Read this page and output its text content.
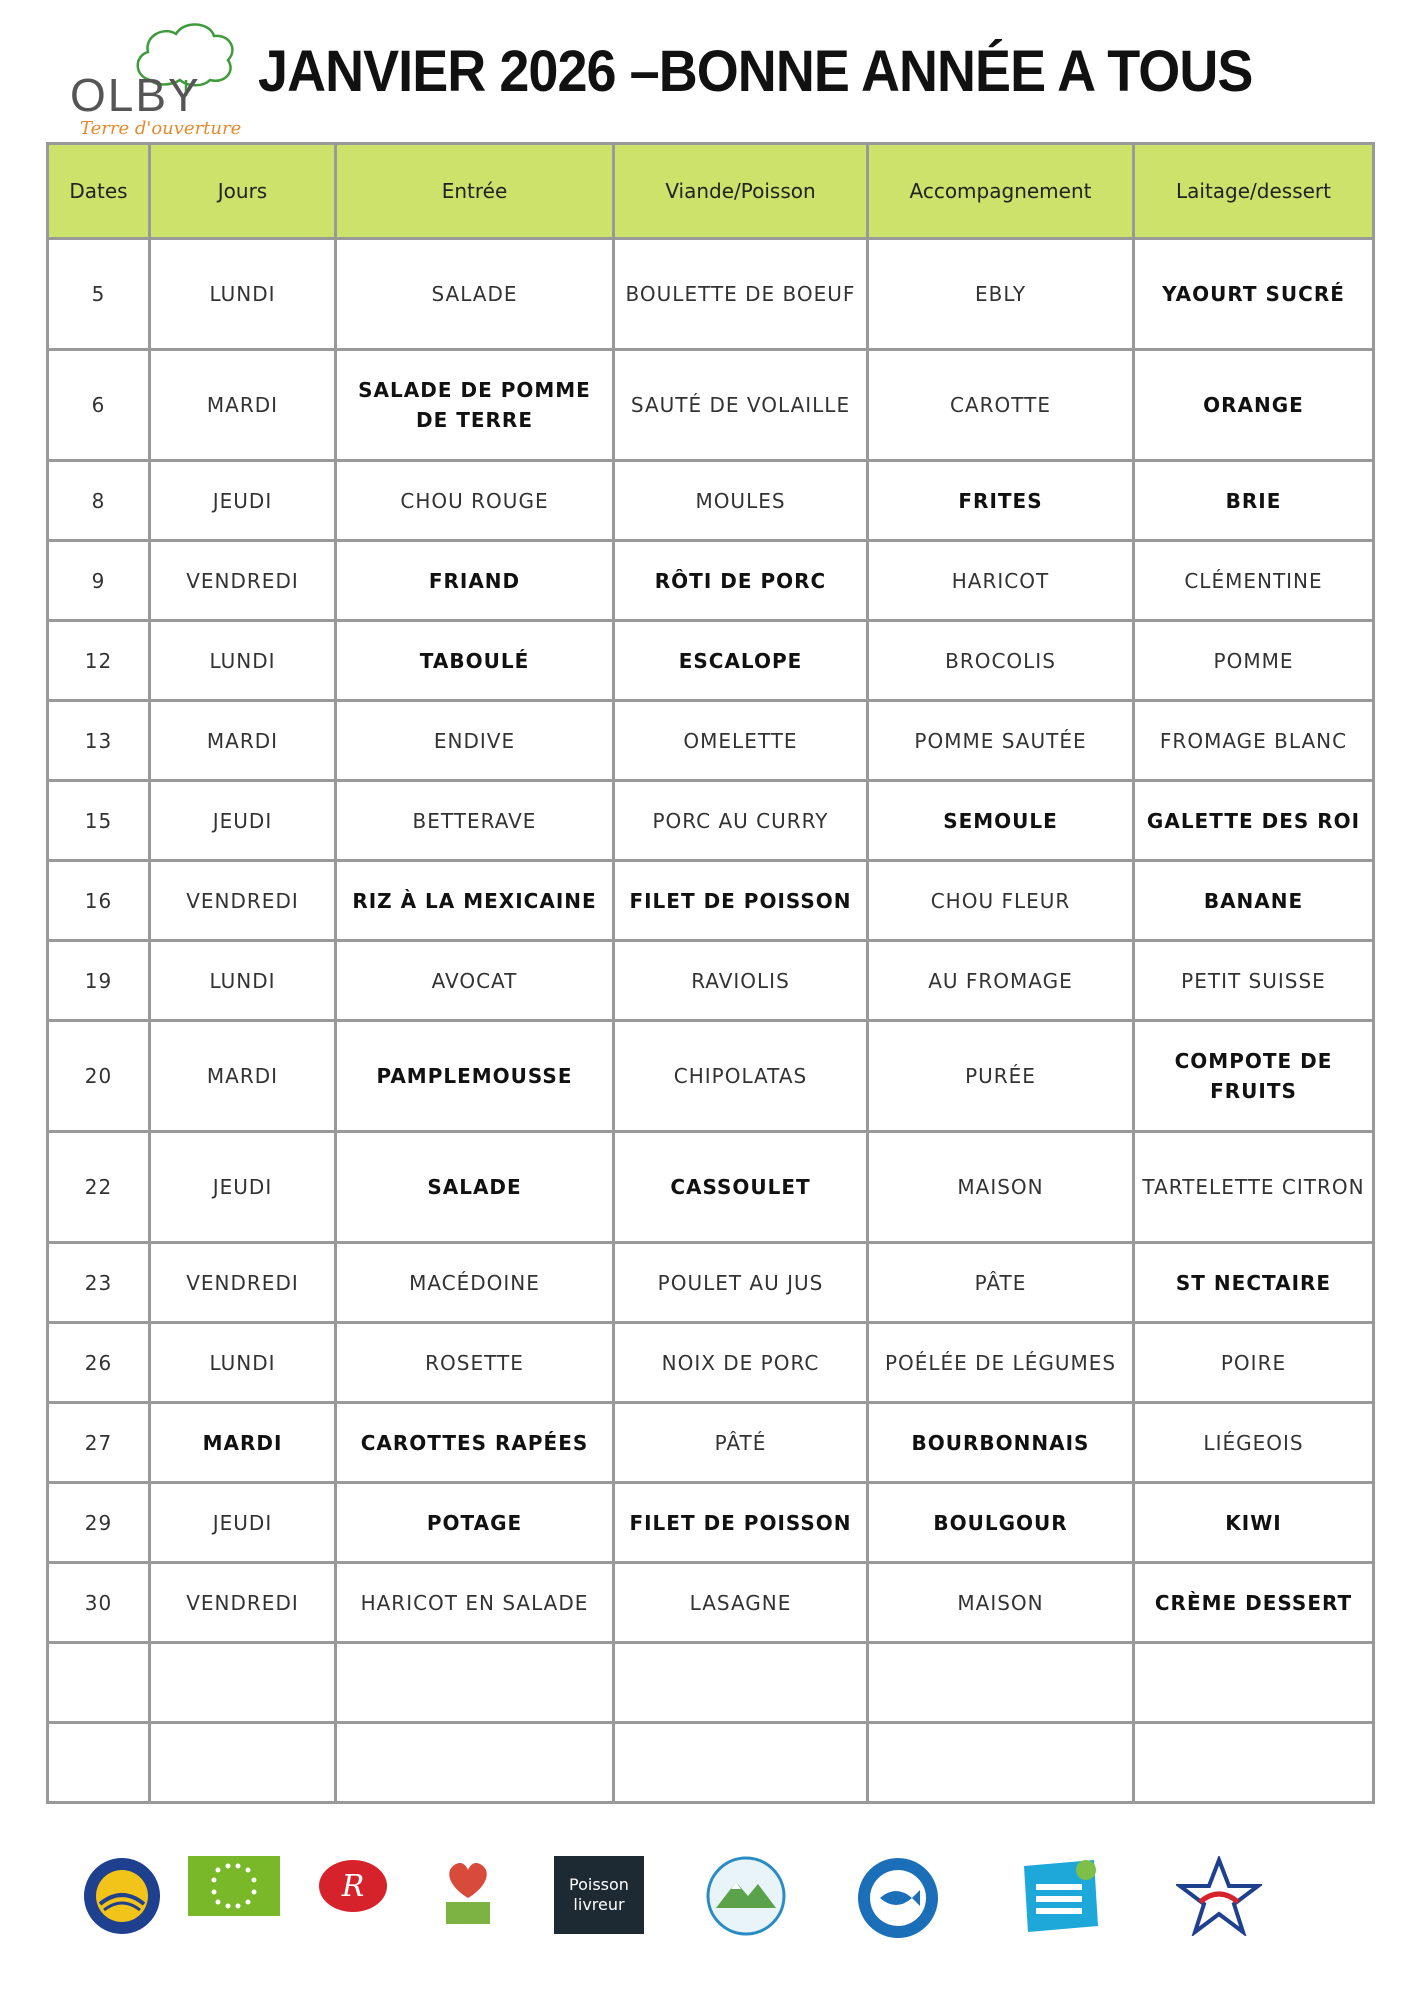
OLBY
Terre d'ouverture
JANVIER 2026 –BONNE ANNÉE A TOUS
Dates	Jours	Entrée	Viande/Poisson	Accompagnement	Laitage/dessert
5	LUNDI	SALADE	BOULETTE DE BOEUF	EBLY	YAOURT SUCRÉ
6	MARDI	SALADE DE POMME DE TERRE	SAUTÉ DE VOLAILLE	CAROTTE	ORANGE
8	JEUDI	CHOU ROUGE	MOULES	FRITES	BRIE
9	VENDREDI	FRIAND	RÔTI DE PORC	HARICOT	CLÉMENTINE
12	LUNDI	TABOULÉ	ESCALOPE	BROCOLIS	POMME
13	MARDI	ENDIVE	OMELETTE	POMME SAUTÉE	FROMAGE BLANC
15	JEUDI	BETTERAVE	PORC AU CURRY	SEMOULE	GALETTE DES ROI
16	VENDREDI	RIZ À LA MEXICAINE	FILET DE POISSON	CHOU FLEUR	BANANE
19	LUNDI	AVOCAT	RAVIOLIS	AU FROMAGE	PETIT SUISSE
20	MARDI	PAMPLEMOUSSE	CHIPOLATAS	PURÉE	COMPOTE DE FRUITS
22	JEUDI	SALADE	CASSOULET	MAISON	TARTELETTE CITRON
23	VENDREDI	MACÉDOINE	POULET AU JUS	PÂTE	ST NECTAIRE
26	LUNDI	ROSETTE	NOIX DE PORC	POÉLÉE DE LÉGUMES	POIRE
27	MARDI	CAROTTES RAPÉES	PÂTÉ	BOURBONNAIS	LIÉGEOIS
29	JEUDI	POTAGE	FILET DE POISSON	BOULGOUR	KIWI
30	VENDREDI	HARICOT EN SALADE	LASAGNE	MAISON	CRÈME DESSERT

R	Poisson
livreur
